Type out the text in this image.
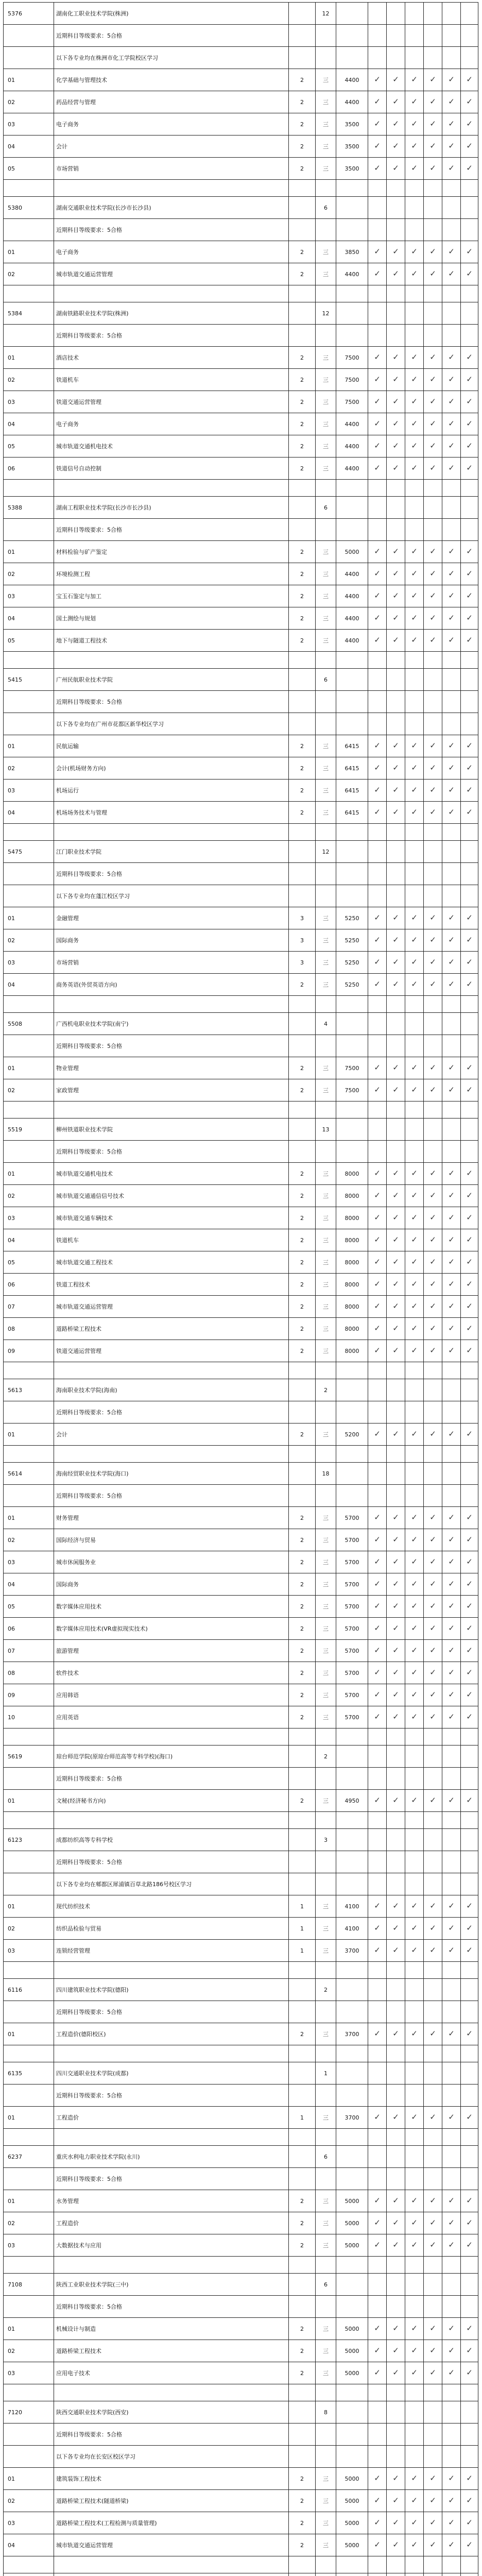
5376	湖南化工职业技术学院(株洲)		12							
	近期科目等级要求：5合格									
	以下各专业均在株洲市化工学院校区学习									
01	化学基础与管理技术	2	三	4400	✓	✓	✓	✓	✓	✓
02	药品经营与管理	2	三	4400	✓	✓	✓	✓	✓	✓
03	电子商务	2	三	3500	✓	✓	✓	✓	✓	✓
04	会计	2	三	3500	✓	✓	✓	✓	✓	✓
05	市场营销	2	三	3500	✓	✓	✓	✓	✓	✓

5380	湖南交通职业技术学院(长沙市长沙县)		6							
	近期科目等级要求：5合格									
01	电子商务	2	三	3850	✓	✓	✓	✓	✓	✓
02	城市轨道交通运营管理	2	三	4400	✓	✓	✓	✓	✓	✓

5384	湖南铁路职业技术学院(株洲)		12							
	近期科目等级要求：5合格									
01	酒店技术	2	三	7500	✓	✓	✓	✓	✓	✓
02	铁道机车	2	三	7500	✓	✓	✓	✓	✓	✓
03	铁道交通运营管理	2	三	7500	✓	✓	✓	✓	✓	✓
04	电子商务	2	三	4400	✓	✓	✓	✓	✓	✓
05	城市轨道交通机电技术	2	三	4400	✓	✓	✓	✓	✓	✓
06	铁道信号自动控制	2	三	4400	✓	✓	✓	✓	✓	✓

5388	湖南工程职业技术学院(长沙市长沙县)		6							
	近期科目等级要求：5合格									
01	材料检验与矿产鉴定	2	三	5000	✓	✓	✓	✓	✓	✓
02	环境检测工程	2	三	4400	✓	✓	✓	✓	✓	✓
03	宝玉石鉴定与加工	2	三	4400	✓	✓	✓	✓	✓	✓
04	国土测绘与规划	2	三	4400	✓	✓	✓	✓	✓	✓
05	地下与隧道工程技术	2	三	4400	✓	✓	✓	✓	✓	✓

5415	广州民航职业技术学院		6							
	近期科目等级要求：5合格									
	以下各专业均在广州市花都区新华校区学习									
01	民航运输	2	三	6415	✓	✓	✓	✓	✓	✓
02	会计(机场财务方向)	2	三	6415	✓	✓	✓	✓	✓	✓
03	机场运行	2	三	6415	✓	✓	✓	✓	✓	✓
04	机场场务技术与管理	2	三	6415	✓	✓	✓	✓	✓	✓

5475	江门职业技术学院		12							
	近期科目等级要求：5合格									
	以下各专业均在蓬江校区学习									
01	金融管理	3	三	5250	✓	✓	✓	✓	✓	✓
02	国际商务	3	三	5250	✓	✓	✓	✓	✓	✓
03	市场营销	3	三	5250	✓	✓	✓	✓	✓	✓
04	商务英语(外贸英语方向)	2	三	5250	✓	✓	✓	✓	✓	✓

5508	广西机电职业技术学院(南宁)		4							
	近期科目等级要求：5合格									
01	物业管理	2	三	7500	✓	✓	✓	✓	✓	✓
02	家政管理	2	三	7500	✓	✓	✓	✓	✓	✓

5519	柳州铁道职业技术学院		13							
	近期科目等级要求：5合格									
01	城市轨道交通机电技术	2	三	8000	✓	✓	✓	✓	✓	✓
02	城市轨道交通通信信号技术	2	三	8000	✓	✓	✓	✓	✓	✓
03	城市轨道交通车辆技术	2	三	8000	✓	✓	✓	✓	✓	✓
04	铁道机车	2	三	8000	✓	✓	✓	✓	✓	✓
05	城市轨道交通工程技术	2	三	8000	✓	✓	✓	✓	✓	✓
06	铁道工程技术	2	三	8000	✓	✓	✓	✓	✓	✓
07	城市轨道交通运营管理	2	三	8000	✓	✓	✓	✓	✓	✓
08	道路桥梁工程技术	2	三	8000	✓	✓	✓	✓	✓	✓
09	铁道交通运营管理	2	三	8000	✓	✓	✓	✓	✓	✓

5613	海南职业技术学院(海南)		2							
	近期科目等级要求：5合格									
01	会计	2	三	5200	✓	✓	✓	✓	✓	✓

5614	海南经贸职业技术学院(海口)		18							
	近期科目等级要求：5合格									
01	财务管理	2	三	5700	✓	✓	✓	✓	✓	✓
02	国际经济与贸易	2	三	5700	✓	✓	✓	✓	✓	✓
03	城市休闲服务业	2	三	5700	✓	✓	✓	✓	✓	✓
04	国际商务	2	三	5700	✓	✓	✓	✓	✓	✓
05	数字媒体应用技术	2	三	5700	✓	✓	✓	✓	✓	✓
06	数字媒体应用技术(VR虚拟现实技术)	2	三	5700	✓	✓	✓	✓	✓	✓
07	旅游管理	2	三	5700	✓	✓	✓	✓	✓	✓
08	软件技术	2	三	5700	✓	✓	✓	✓	✓	✓
09	应用韩语	2	三	5700	✓	✓	✓	✓	✓	✓
10	应用英语	2	三	5700	✓	✓	✓	✓	✓	✓

5619	琼台师范学院(原琼台师范高等专科学校)(海口)		2							
	近期科目等级要求：5合格									
01	文秘(经济秘书方向)	2	三	4950	✓	✓	✓	✓	✓	✓

6123	成都纺织高等专科学校		3							
	近期科目等级要求：5合格									
	以下各专业均在郫都区犀浦镇百草北路186号校区学习									
01	现代纺织技术	1	三	4100	✓	✓	✓	✓	✓	✓
02	纺织品检验与贸易	1	三	4100	✓	✓	✓	✓	✓	✓
03	连锁经营管理	1	三	3700	✓	✓	✓	✓	✓	✓

6116	四川建筑职业技术学院(德阳)		2							
	近期科目等级要求：5合格									
01	工程造价(德阳校区)	2	三	3700	✓	✓	✓	✓	✓	✓

6135	四川交通职业技术学院(成都)		1							
	近期科目等级要求：5合格									
01	工程造价	1	三	3700	✓	✓	✓	✓	✓	✓

6237	重庆水利电力职业技术学院(永川)		6							
	近期科目等级要求：5合格									
01	水务管理	2	三	5000	✓	✓	✓	✓	✓	✓
02	工程造价	2	三	5000	✓	✓	✓	✓	✓	✓
03	大数据技术与应用	2	三	5000	✓	✓	✓	✓	✓	✓

7108	陕西工业职业技术学院(三中)		6							
	近期科目等级要求：5合格									
01	机械设计与制造	2	三	5000	✓	✓	✓	✓	✓	✓
02	道路桥梁工程技术	2	三	5000	✓	✓	✓	✓	✓	✓
03	应用电子技术	2	三	5000	✓	✓	✓	✓	✓	✓

7120	陕西交通职业技术学院(西安)		8							
	近期科目等级要求：5合格									
	以下各专业均在长安区校区学习									
01	建筑装饰工程技术	2	三	5000	✓	✓	✓	✓	✓	✓
02	道路桥梁工程技术(隧道桥梁)	2	三	5000	✓	✓	✓	✓	✓	✓
03	道路桥梁工程技术(工程检测与质量管理)	2	三	5000	✓	✓	✓	✓	✓	✓
04	城市轨道交通运营管理	2	三	5000	✓	✓	✓	✓	✓	✓
